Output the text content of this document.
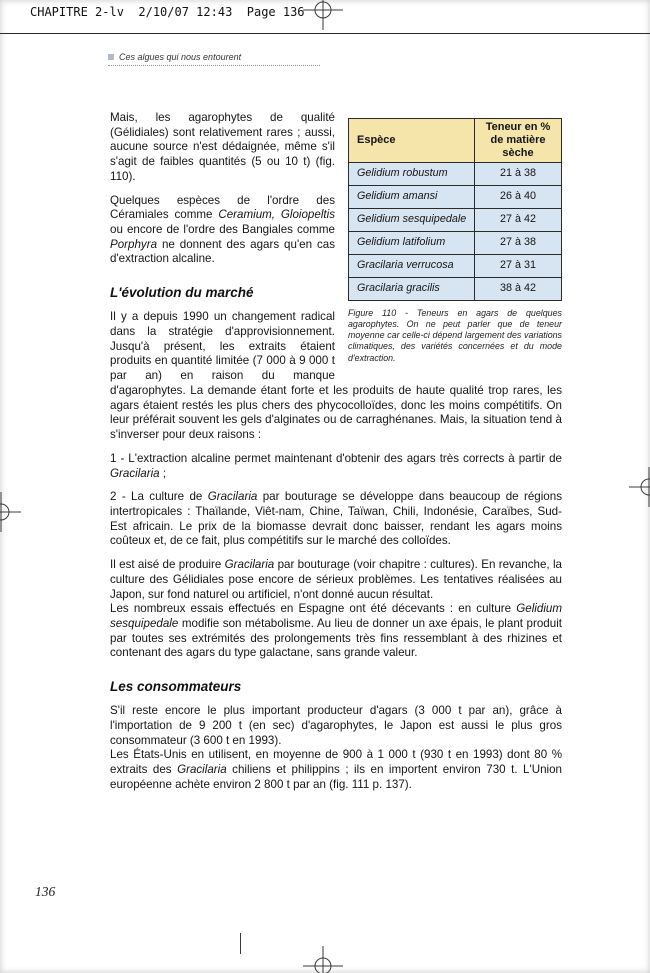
CHAPITRE 2-lv  2/10/07 12:43  Page 136
Ces algues qui nous entourent
Espèce	Teneur en %
de matière sèche

Gelidium robustum	21 à 38
Gelidium amansi	26 à 40
Gelidium sesquipedale	27 à 42
Gelidium latifolium	27 à 38
Gracilaria verrucosa	27 à 31
Gracilaria gracilis	38 à 42
Figure 110 - Teneurs en agars de quelques agarophytes. On ne peut parler que de teneur moyenne car celle-ci dépend largement des variations climatiques, des variétés concernées et du mode d'extraction.

Mais, les agarophytes de qualité (Gélidiales) sont relativement rares ; aussi, aucune source n'est dédaignée, même s'il s'agit de faibles quantités (5 ou 10 t) (fig. 110).

Quelques espèces de l'ordre des Céramiales comme Ceramium, Gloiopeltis ou encore de l'ordre des Bangiales comme Porphyra ne donnent des agars qu'en cas d'extraction alcaline.

L'évolution du marché

Il y a depuis 1990 un changement radical dans la stratégie d'approvisionnement. Jusqu'à présent, les extraits étaient produits en quantité limitée (7 000 à 9 000 t par an) en raison du manque d'agarophytes. La demande étant forte et les produits de haute qualité trop rares, les agars étaient restés les plus chers des phycocolloïdes, donc les moins compétitifs. On leur préférait souvent les gels d'alginates ou de carraghénanes. Mais, la situation tend à s'inverser pour deux raisons :

1 - L'extraction alcaline permet maintenant d'obtenir des agars très corrects à partir de Gracilaria ;

2 - La culture de Gracilaria par bouturage se développe dans beaucoup de régions intertropicales : Thaïlande, Viêt-nam, Chine, Taïwan, Chili, Indonésie, Caraïbes, Sud-Est africain. Le prix de la biomasse devrait donc baisser, rendant les agars moins coûteux et, de ce fait, plus compétitifs sur le marché des colloïdes.

Il est aisé de produire Gracilaria par bouturage (voir chapitre : cultures). En revanche, la culture des Gélidiales pose encore de sérieux problèmes. Les tentatives réalisées au Japon, sur fond naturel ou artificiel, n'ont donné aucun résultat.

Les nombreux essais effectués en Espagne ont été décevants : en culture Gelidium sesquipedale modifie son métabolisme. Au lieu de donner un axe épais, le plant produit par toutes ses extrémités des prolongements très fins ressemblant à des rhizines et contenant des agars du type galactane, sans grande valeur.

Les consommateurs

S'il reste encore le plus important producteur d'agars (3 000 t par an), grâce à l'importation de 9 200 t (en sec) d'agarophytes, le Japon est aussi le plus gros consommateur (3 600 t en 1993).

Les États-Unis en utilisent, en moyenne de 900 à 1 000 t (930 t en 1993) dont 80 % extraits des Gracilaria chiliens et philippins ; ils en importent environ 730 t. L'Union européenne achète environ 2 800 t par an (fig. 111 p. 137).

136
